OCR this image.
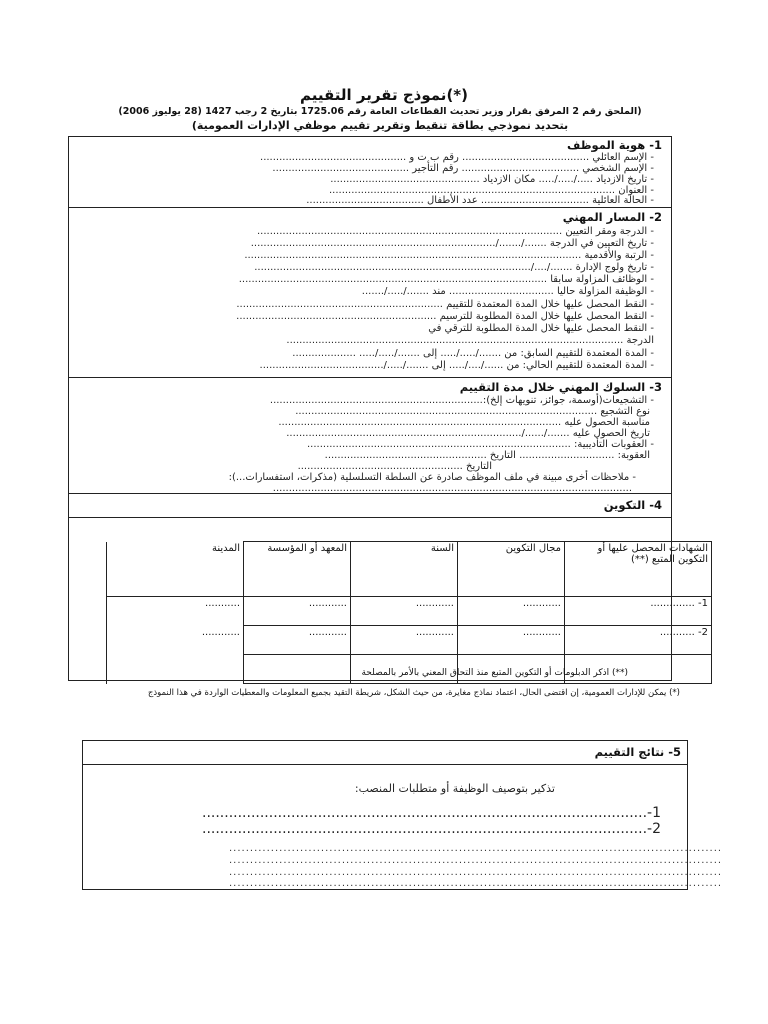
نموذج تقرير التقييم(*)
(الملحق رقم 2 المرفق بقرار وزير تحديث القطاعات العامة رقم 1725.06 بتاريخ 2 رجب 1427 (28 يوليوز 2006)
بتحديد نموذجي بطاقة تنقيط وتقرير تقييم موظفي الإدارات العمومية)
1- هوية الموظف
- الإسم العائلي ........................................ رقم ب ت و ..............................................
- الإسم الشخصي ..................................... رقم التأجير ...........................................
- تاريخ الازدياد ...../...../..... مكان الازدياد ...............................................
- العنوان ..........................................................................................
- الحالة العائلية .................................. عدد الأطفال .....................................
2- المسار المهني
- الدرجة ومقر التعيين ................................................................................................
- تاريخ التعيين في الدرجة ......./......./.............................................................................
- الرتبة والأقدمية ..........................................................................................................
- تاريخ ولوج الإدارة ......./..../.......................................................................................
- الوظائف المزاولة سابقا .................................................................................................
- الوظيفة المزاولة حاليا ................................. مند ......./...../.......
- النقط المحصل عليها خلال المدة المعتمدة للتقييم .................................................................
- النقط المحصل عليها خلال المدة المطلوبة للترسيم ...............................................................
- النقط المحصل عليها خلال المدة المطلوبة للترقي في
الدرجة ..........................................................................................................
- المدة المعتمدة للتقييم السابق: من ......./...../..... إلى ......./...../..... ....................
- المدة المعتمدة للتقييم الحالي: من ....../..../..... إلى ......./...../.......................................
3- السلوك المهني خلال مدة التقييم
- التشجيعات(أوسمة، جوائز، تنويهات إلخ):...................................................................
نوع التشجيع ...............................................................................................
مناسبة الحصول عليه .........................................................................................
تاريخ الحصول عليه ......./....../..........................................................................
- العقوبات التأديبية: ...................................................................................
العقوبة: .............................. التاريخ ...................................................
التاريخ ....................................................
- ملاحظات أخرى مبينة في ملف الموظف صادرة عن السلطة التسلسلية (مذكرات، استفسارات...):
.................................................................................................................
4- التكوين
المدينة	المعهد أو المؤسسة	السنة	مجال التكوين	الشهادات المحصل عليها أو التكوين المتبع (**)
...........	............	............	............	1- ..............
............	............	............	............	2- ...........

(**) اذكر الدبلومات أو التكوين المتبع منذ التحاق المعني بالأمر بالمصلحة
(*) يمكن للإدارات العمومية، إن اقتضى الحال، اعتماد نماذج مغايرة، من حيث الشكل، شريطة التقيد بجميع المعلومات والمعطيات الواردة في هذا النموذج
5- نتائج التقييم
تذكير بتوصيف الوظيفة أو متطلبات المنصب:
1-....................................................................................................
2-....................................................................................................
......................................................................................................................
......................................................................................................................
......................................................................................................................
......................................................................................................................
